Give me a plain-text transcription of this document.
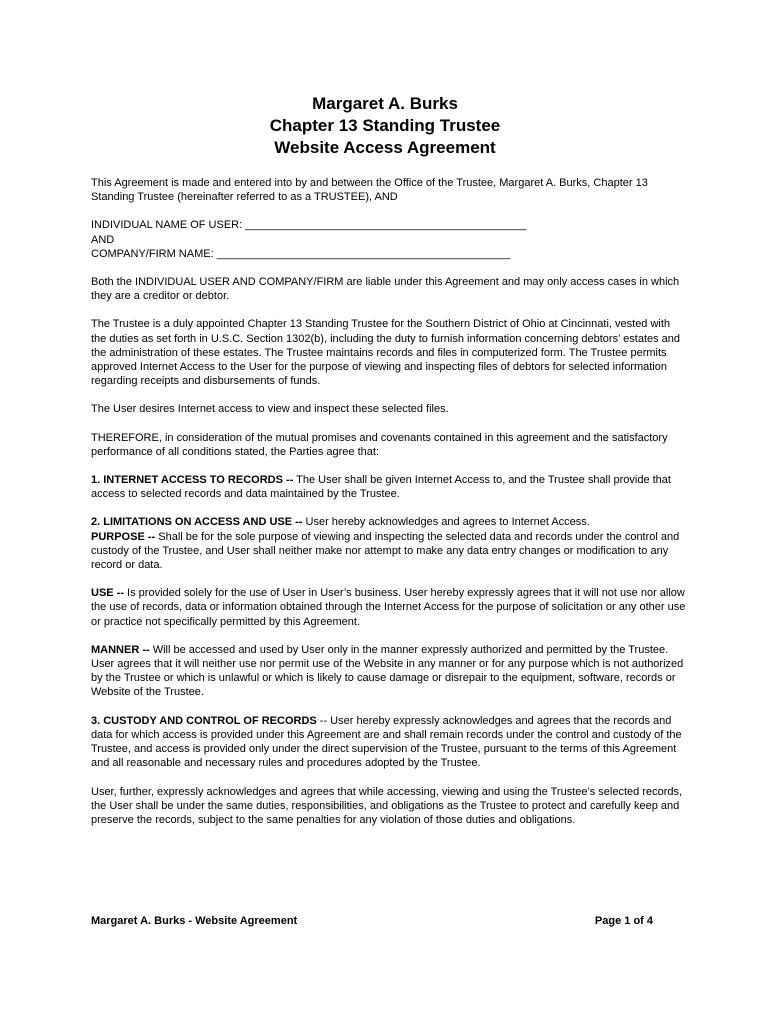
Margaret A. Burks
Chapter 13 Standing Trustee
Website Access Agreement

This Agreement is made and entered into by and between the Office of the Trustee, Margaret A. Burks, Chapter 13 Standing Trustee (hereinafter referred to as a TRUSTEE), AND

INDIVIDUAL NAME OF USER: ______________________________________________

AND

COMPANY/FIRM NAME: ________________________________________________

Both the INDIVIDUAL USER AND COMPANY/FIRM are liable under this Agreement and may only access cases in which they are a creditor or debtor.

The Trustee is a duly appointed Chapter 13 Standing Trustee for the Southern District of Ohio at Cincinnati, vested with the duties as set forth in U.S.C. Section 1302(b), including the duty to furnish information concerning debtors’ estates and the administration of these estates. The Trustee maintains records and files in computerized form. The Trustee permits approved Internet Access to the User for the purpose of viewing and inspecting files of debtors for selected information regarding receipts and disbursements of funds.

The User desires Internet access to view and inspect these selected files.

THEREFORE, in consideration of the mutual promises and covenants contained in this agreement and the satisfactory performance of all conditions stated, the Parties agree that:

1. INTERNET ACCESS TO RECORDS -- The User shall be given Internet Access to, and the Trustee shall provide that access to selected records and data maintained by the Trustee.

2. LIMITATIONS ON ACCESS AND USE -- User hereby acknowledges and agrees to Internet Access.
PURPOSE -- Shall be for the sole purpose of viewing and inspecting the selected data and records under the control and custody of the Trustee, and User shall neither make nor attempt to make any data entry changes or modification to any record or data.

USE -- Is provided solely for the use of User in User’s business. User hereby expressly agrees that it will not use nor allow the use of records, data or information obtained through the Internet Access for the purpose of solicitation or any other use or practice not specifically permitted by this Agreement.

MANNER -- Will be accessed and used by User only in the manner expressly authorized and permitted by the Trustee. User agrees that it will neither use nor permit use of the Website in any manner or for any purpose which is not authorized by the Trustee or which is unlawful or which is likely to cause damage or disrepair to the equipment, software, records or Website of the Trustee.

3. CUSTODY AND CONTROL OF RECORDS -- User hereby expressly acknowledges and agrees that the records and data for which access is provided under this Agreement are and shall remain records under the control and custody of the Trustee, and access is provided only under the direct supervision of the Trustee, pursuant to the terms of this Agreement and all reasonable and necessary rules and procedures adopted by the Trustee.

User, further, expressly acknowledges and agrees that while accessing, viewing and using the Trustee’s selected records, the User shall be under the same duties, responsibilities, and obligations as the Trustee to protect and carefully keep and preserve the records, subject to the same penalties for any violation of those duties and obligations.

Margaret A. Burks - Website Agreement	Page 1 of 4
